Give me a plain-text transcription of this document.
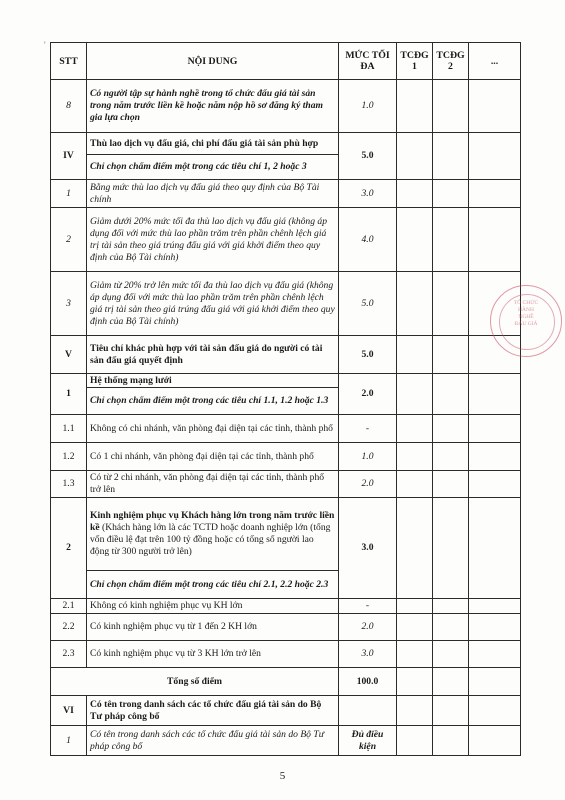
'
STT	NỘI DUNG	MỨC TỐI ĐA	TCĐG 1	TCĐG 2	...
8	Có người tập sự hành nghề trong tổ chức đấu giá tài sản trong năm trước liền kề hoặc năm nộp hồ sơ đăng ký tham gia lựa chọn	1.0			
IV	Thù lao dịch vụ đấu giá, chi phí đấu giá tài sản phù hợp	5.0			
	Chỉ chọn chấm điểm một trong các tiêu chí 1, 2 hoặc 3				
1	Bằng mức thù lao dịch vụ đấu giá theo quy định của Bộ Tài chính	3.0			
2	Giảm dưới 20% mức tối đa thù lao dịch vụ đấu giá (không áp dụng đối với mức thù lao phần trăm trên phần chênh lệch giá trị tài sản theo giá trúng đấu giá với giá khởi điểm theo quy định của Bộ Tài chính)	4.0			
3	Giảm từ 20% trở lên mức tối đa thù lao dịch vụ đấu giá (không áp dụng đối với mức thù lao phần trăm trên phần chênh lệch giá trị tài sản theo giá trúng đấu giá với giá khởi điểm theo quy định của Bộ Tài chính)	5.0			
V	Tiêu chí khác phù hợp với tài sản đấu giá do người có tài sản đấu giá quyết định	5.0			
1	Hệ thống mạng lưới	2.0			
	Chỉ chọn chấm điểm một trong các tiêu chí 1.1, 1.2 hoặc 1.3				
1.1	Không có chi nhánh, văn phòng đại diện tại các tỉnh, thành phố	-			
1.2	Có 1 chi nhánh, văn phòng đại diện tại các tỉnh, thành phố	1.0			
1.3	Có từ 2 chi nhánh, văn phòng đại diện tại các tỉnh, thành phố trở lên	2.0			
2	Kinh nghiệm phục vụ Khách hàng lớn trong năm trước liền kề (Khách hàng lớn là các TCTD hoặc doanh nghiệp lớn (tổng vốn điều lệ đạt trên 100 tỷ đồng hoặc có tổng số người lao động từ 300 người trở lên)	3.0			
	Chỉ chọn chấm điểm một trong các tiêu chí 2.1, 2.2 hoặc 2.3				
2.1	Không có kinh nghiệm phục vụ KH lớn	-			
2.2	Có kinh nghiệm phục vụ từ 1 đến 2 KH lớn	2.0			
2.3	Có kinh nghiệm phục vụ từ 3 KH lớn trở lên	3.0			
Tổng số điểm		100.0			
VI	Có tên trong danh sách các tổ chức đấu giá tài sản do Bộ Tư pháp công bố				
1	Có tên trong danh sách các tổ chức đấu giá tài sản do Bộ Tư pháp công bố	Đủ điều kiện			
TỔ CHỨC
HÀNH
NGHỀ
ĐẤU GIÁ
5
